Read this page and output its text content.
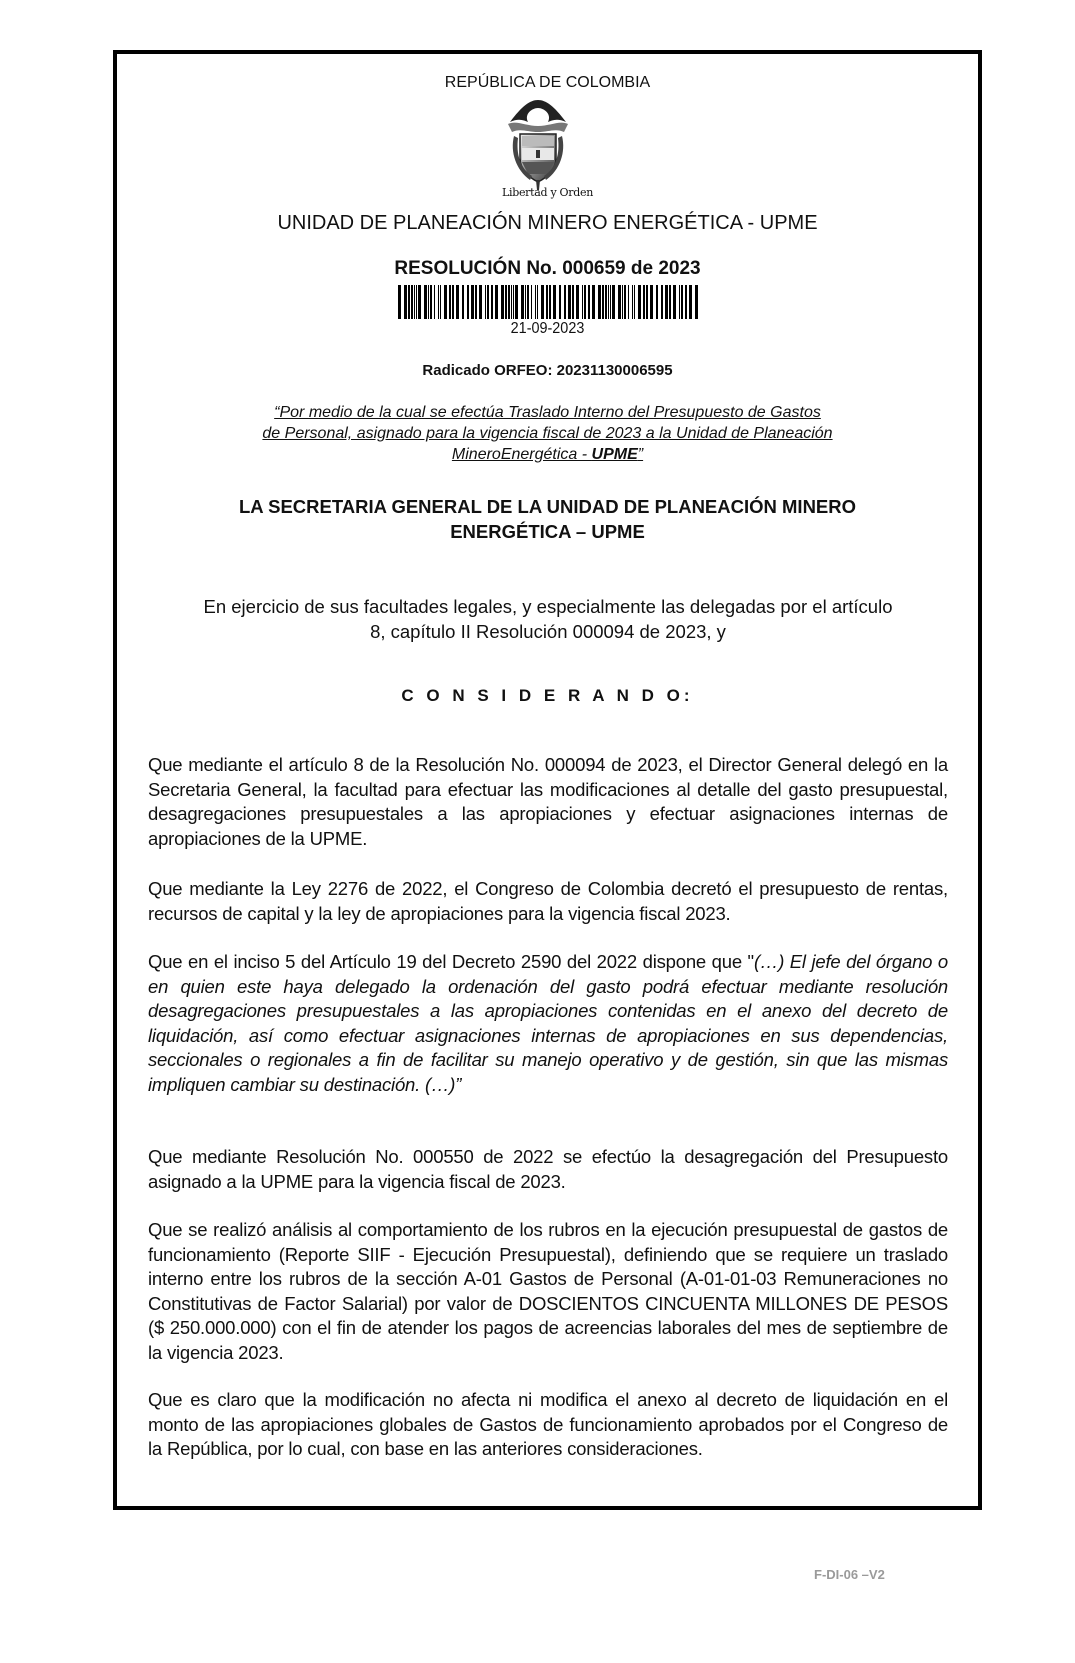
REPÚBLICA DE COLOMBIA
Libertad y Orden
UNIDAD DE PLANEACIÓN MINERO ENERGÉTICA - UPME
RESOLUCIÓN No. 000659 de 2023
21-09-2023
Radicado ORFEO: 20231130006595
“Por medio de la cual se efectúa Traslado Interno del Presupuesto de Gastos
de Personal, asignado para la vigencia fiscal de 2023 a la Unidad de Planeación
MineroEnergética - UPME”
LA SECRETARIA GENERAL DE LA UNIDAD DE PLANEACIÓN MINERO
ENERGÉTICA – UPME
En ejercicio de sus facultades legales, y especialmente las delegadas por el artículo
8, capítulo II Resolución 000094 de 2023, y
C O N S I D E R A N D O:
Que mediante el artículo 8 de la Resolución No. 000094 de 2023, el Director General delegó en la Secretaria General, la facultad para efectuar las modificaciones al detalle del gasto presupuestal, desagregaciones presupuestales a las apropiaciones y efectuar asignaciones internas de apropiaciones de la UPME.
Que mediante la Ley 2276 de 2022, el Congreso de Colombia decretó el presupuesto de rentas, recursos de capital y la ley de apropiaciones para la vigencia fiscal 2023.
Que en el inciso 5 del Artículo 19 del Decreto 2590 del 2022 dispone que "(…) El jefe del órgano o en quien este haya delegado la ordenación del gasto podrá efectuar mediante resolución desagregaciones presupuestales a las apropiaciones contenidas en el anexo del decreto de liquidación, así como efectuar asignaciones internas de apropiaciones en sus dependencias, seccionales o regionales a fin de facilitar su manejo operativo y de gestión, sin que las mismas impliquen cambiar su destinación. (…)”
Que mediante Resolución No. 000550 de 2022 se efectúo la desagregación del Presupuesto asignado a la UPME para la vigencia fiscal de 2023.
Que se realizó análisis al comportamiento de los rubros en la ejecución presupuestal de gastos de funcionamiento (Reporte SIIF - Ejecución Presupuestal), definiendo que se requiere un traslado interno entre los rubros de la sección A-01 Gastos de Personal (A-01-01-03 Remuneraciones no Constitutivas de Factor Salarial) por valor de DOSCIENTOS CINCUENTA MILLONES DE PESOS ($ 250.000.000) con el fin de atender los pagos de acreencias laborales del mes de septiembre de la vigencia 2023.
Que es claro que la modificación no afecta ni modifica el anexo al decreto de liquidación en el monto de las apropiaciones globales de Gastos de funcionamiento aprobados por el Congreso de la República, por lo cual, con base en las anteriores consideraciones.
F-DI-06 –V2
